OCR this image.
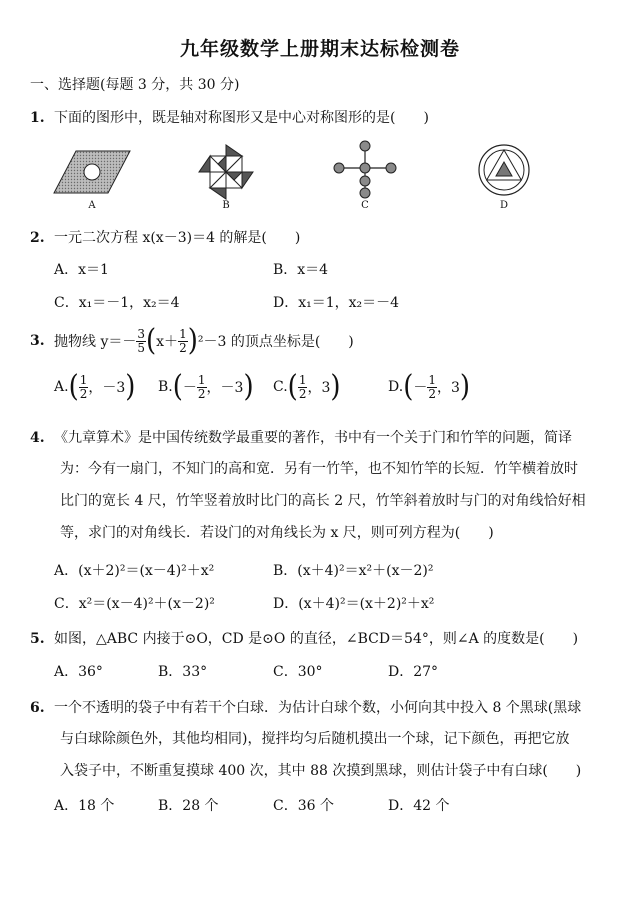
九年级数学上册期末达标检测卷
一、选择题(每题 3 分，共 30 分)
1. 下面的图形中，既是轴对称图形又是中心对称图形的是(　　)
A	B	C	D
2. 一元二次方程 x(x－3)＝4 的解是(　　)
A．x＝1	B．x＝4
C．x₁＝－1，x₂＝4	D．x₁＝1，x₂＝－4
3. 抛物线 $y=- \frac{3}{5} (x+ \frac{1}{2} )^2-3$ 的顶点坐标是(　　)
$A.( \frac{1}{2}$ ，－3) $B.(- \frac{1}{2}$ ，－3) $C.( \frac{1}{2}$ ，3)	$D.(- \frac{1}{2}$ ，3)
4. 《九章算术》是中国传统数学最重要的著作，书中有一个关于门和竹竿的问题，简译
为：今有一扇门，不知门的高和宽．另有一竹竿，也不知竹竿的长短．竹竿横着放时
比门的宽长 4 尺，竹竿竖着放时比门的高长 2 尺，竹竿斜着放时与门的对角线恰好相
等，求门的对角线长．若设门的对角线长为 x 尺，则可列方程为(　　)
A．(x＋2)²＝(x－4)²＋x²	B．(x＋4)²＝x²＋(x－2)²
C．x²＝(x－4)²＋(x－2)²	D．(x＋4)²＝(x＋2)²＋x²
5. 如图，△ABC 内接于⊙O，CD 是⊙O 的直径，∠BCD＝54°，则∠A 的度数是(　　)
A．36°	B．33°	C．30°	D．27°
6. 一个不透明的袋子中有若干个白球．为估计白球个数，小何向其中投入 8 个黑球(黑球
与白球除颜色外，其他均相同)，搅拌均匀后随机摸出一个球，记下颜色，再把它放
入袋子中，不断重复摸球 400 次，其中 88 次摸到黑球，则估计袋子中有白球(　　)
A．18 个	B．28 个	C．36 个	D．42 个
